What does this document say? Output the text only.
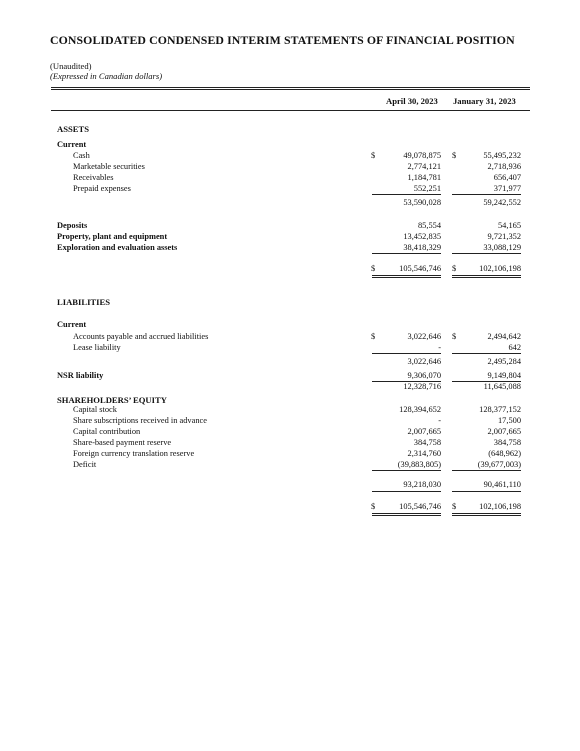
CONSOLIDATED CONDENSED INTERIM STATEMENTS OF FINANCIAL POSITION
(Unaudited)
(Expressed in Canadian dollars)
April 30, 2023 January 31, 2023
ASSETS
Current
Cash	$	49,078,875 $	55,495,232
Marketable securities	2,774,121	2,718,936
Receivables	1,184,781	656,407
Prepaid expenses	552,251	371,977
53,590,028	59,242,552
Deposits	85,554	54,165
Property, plant and equipment	13,452,835	9,721,352
Exploration and evaluation assets	38,418,329	33,088,129
$	105,546,746 $	102,106,198
LIABILITIES
Current
Accounts payable and accrued liabilities	$	3,022,646 $	2,494,642
Lease liability	-	642
3,022,646	2,495,284
NSR liability	9,306,070	9,149,804
12,328,716	11,645,088
SHAREHOLDERS’ EQUITY
Capital stock	128,394,652	128,377,152
Share subscriptions received in advance	-	17,500
Capital contribution	2,007,665	2,007,665
Share-based payment reserve	384,758	384,758
Foreign currency translation reserve	2,314,760	(648,962)
Deficit	(39,883,805)	(39,677,003)
93,218,030	90,461,110
$	105,546,746 $	102,106,198
